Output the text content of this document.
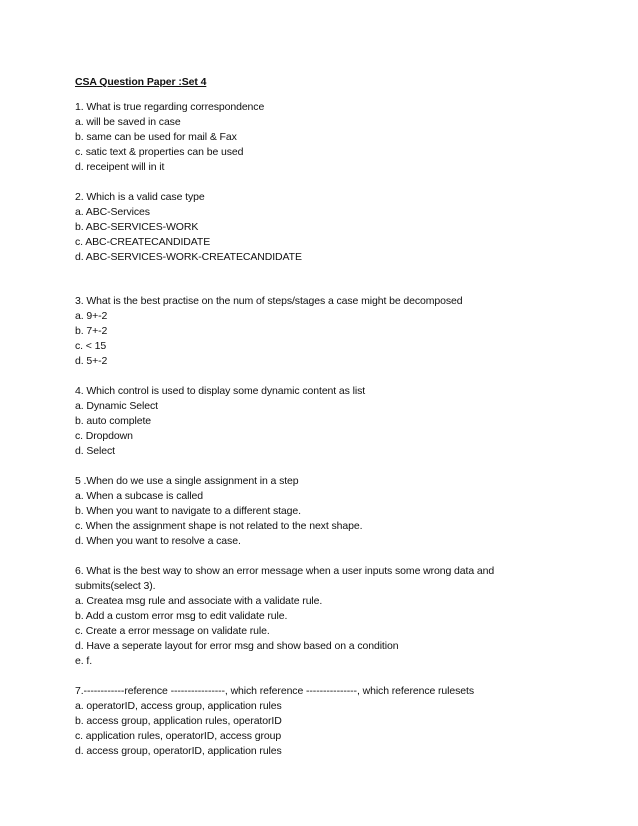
CSA Question Paper :Set 4
1. What is true regarding correspondence
a. will be saved in case
b. same can be used for mail & Fax
c. satic text & properties can be used
d. receipent will in it
2. Which is a valid case type
a. ABC-Services
b. ABC-SERVICES-WORK
c. ABC-CREATECANDIDATE
d. ABC-SERVICES-WORK-CREATECANDIDATE
3. What is the best practise on the num of steps/stages a case might be decomposed
a. 9+-2
b. 7+-2
c. < 15
d. 5+-2
4. Which control is used to display some dynamic content as list
a. Dynamic Select
b. auto complete
c. Dropdown
d. Select
5 .When do we use a single assignment in a step
a. When a subcase is called
b. When you want to navigate to a different stage.
c. When the assignment shape is not related to the next shape.
d. When you want to resolve a case.
6. What is the best way to show an error message when a user inputs some wrong data and
submits(select 3).
a. Createa msg rule and associate with a validate rule.
b. Add a custom error msg to edit validate rule.
c. Create a error message on validate rule.
d. Have a seperate layout for error msg and show based on a condition
e. f.
7.------------reference ----------------, which reference ---------------, which reference rulesets
a. operatorID, access group, application rules
b. access group, application rules, operatorID
c. application rules, operatorID, access group
d. access group, operatorID, application rules
